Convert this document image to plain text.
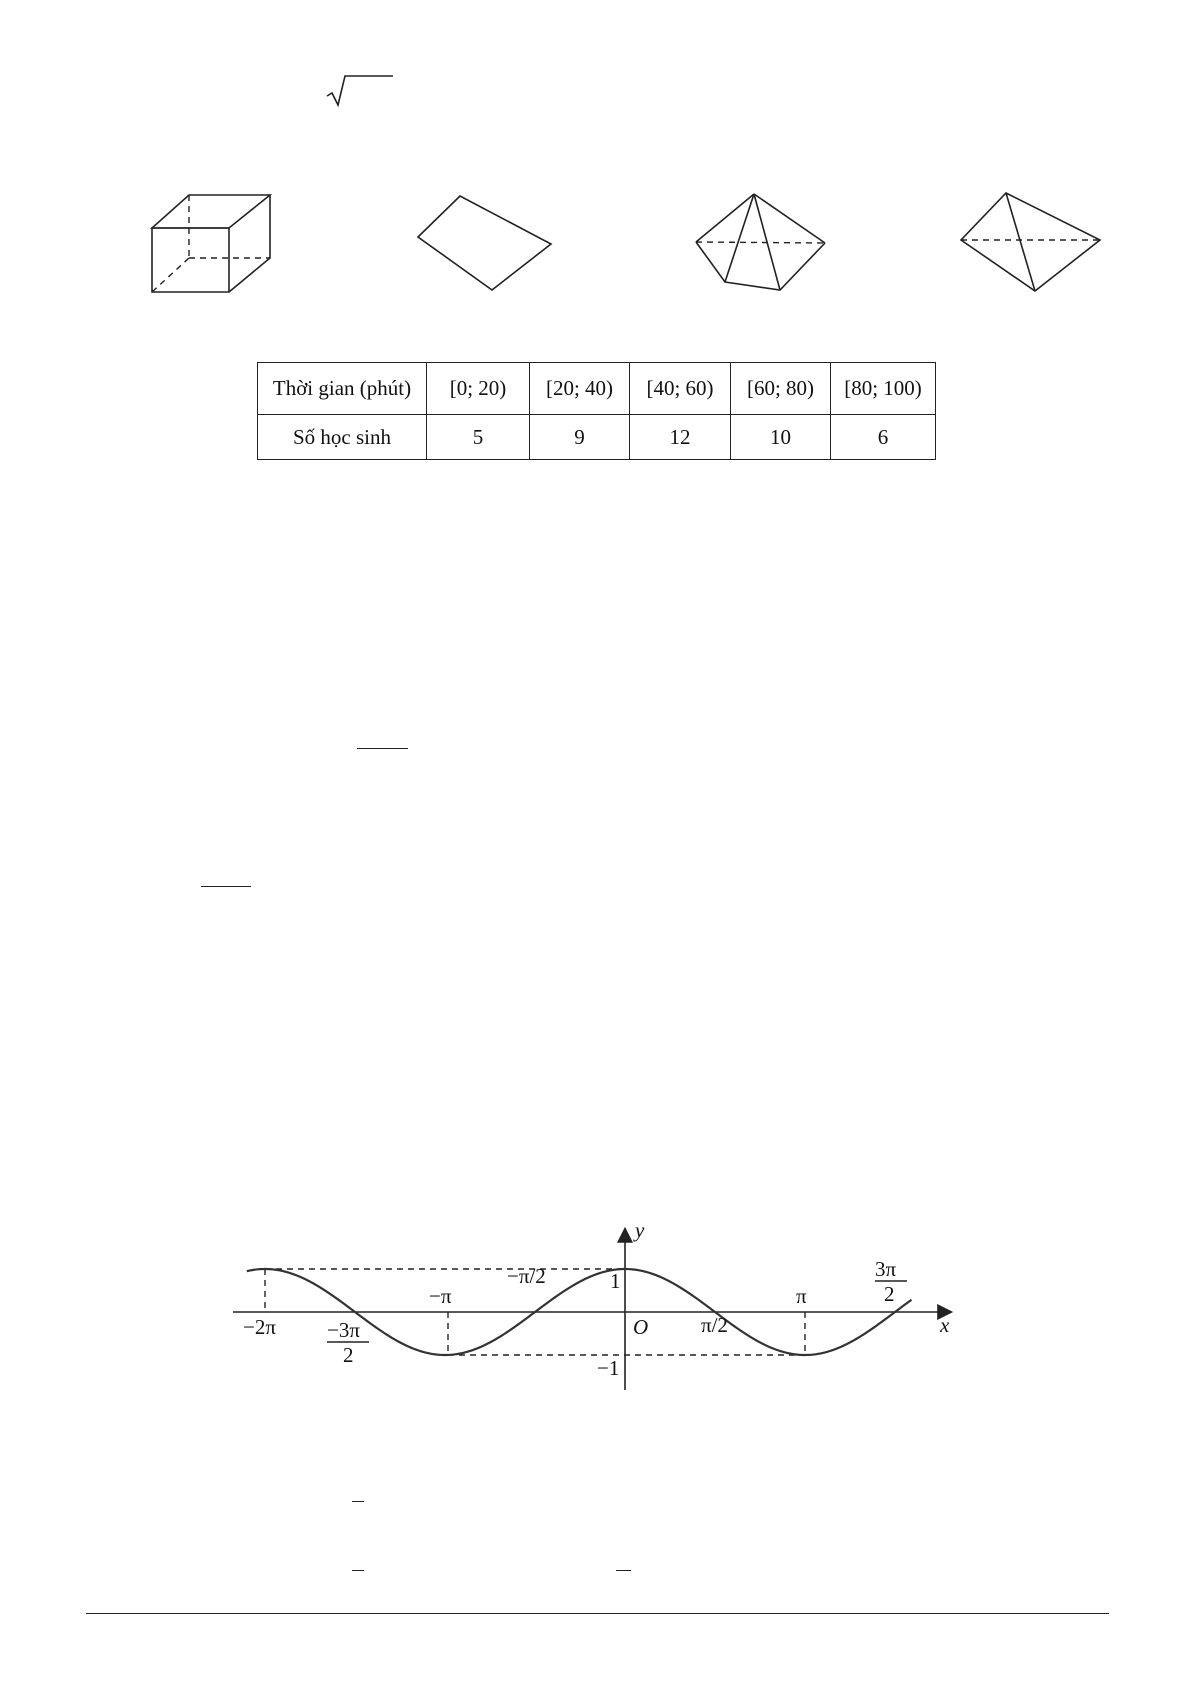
Thời gian (phút)	[0; 20)	[20; 40)	[40; 60)	[60; 80)	[80; 100)
Số học sinh	5	9	12	10	6
y
x
O
−2π −3π
2
−π
−π/2	1
−1
π/2
π
3π
2
